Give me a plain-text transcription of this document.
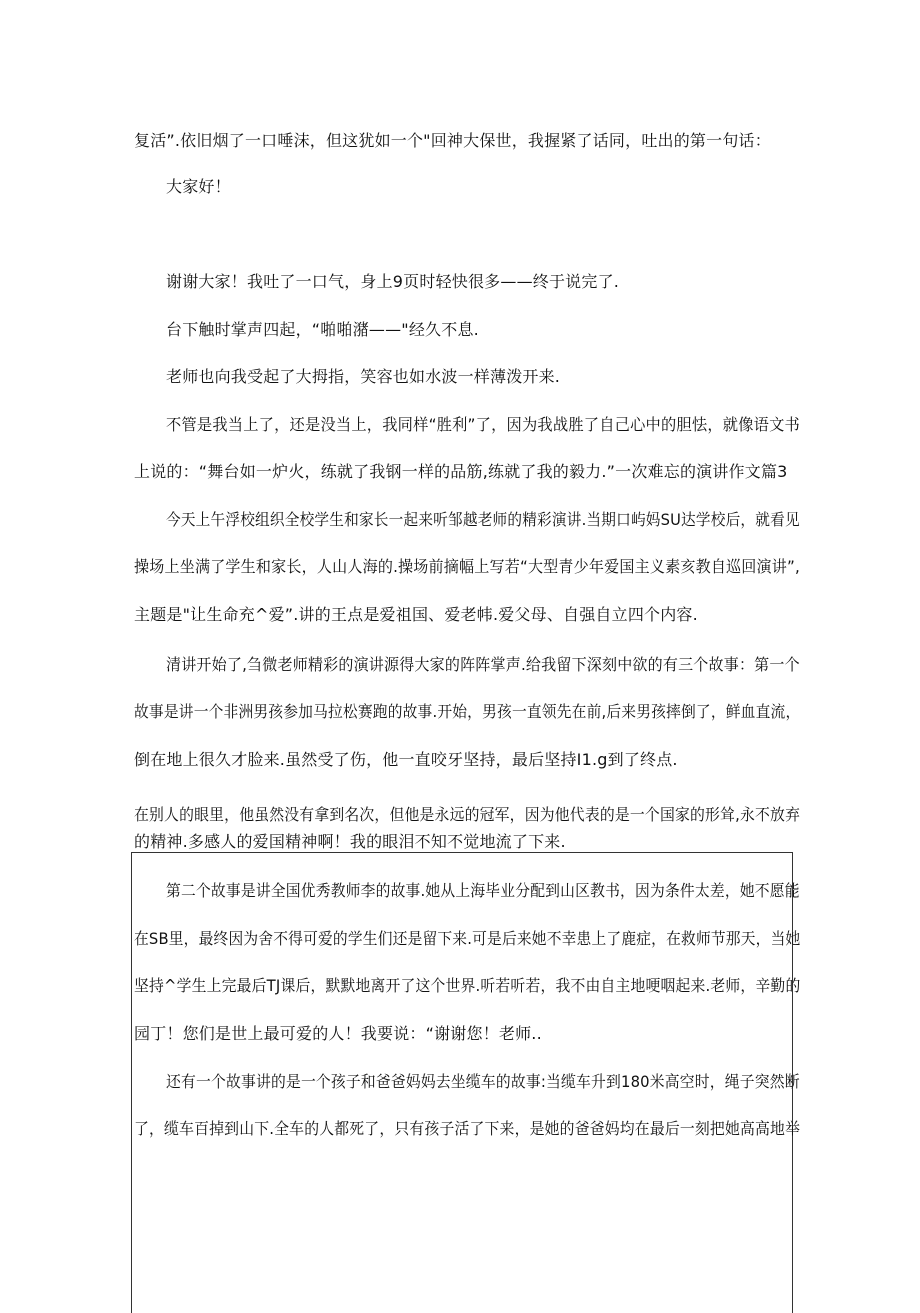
复活”.依旧烟了一口唾沫，但这犹如一个"回神大保世，我握紧了话同，吐出的第一句话：
大家好！
谢谢大家！我吐了一口气，身上9页时轻快很多——终于说完了.
台下触时掌声四起，“啪啪潴——"经久不息.
老师也向我受起了大拇指，笑容也如水波一样薄泼开来.
不管是我当上了，还是没当上，我同样“胜利”了，因为我战胜了自己心中的胆怯，就像语文书
上说的：“舞台如一炉火，练就了我钢一样的品筋,练就了我的毅力.”一次难忘的演讲作文篇3
今天上午浮校组织全校学生和家长一起来听邹越老师的精彩演讲.当期口屿妈SU达学校后，就看见
操场上坐满了学生和家长，人山人海的.操场前摘幅上写若“大型青少年爱国主义素亥教自巡回演讲”,
主题是"让生命充^爱”.讲的王点是爱祖国、爱老帏.爱父母、自强自立四个内容.
清讲开始了,刍微老师精彩的演讲源得大家的阵阵掌声.给我留下深刻中欲的有三个故事：第一个
故事是讲一个非洲男孩参加马拉松赛跑的故事.开始，男孩一直领先在前,后来男孩摔倒了，鲜血直流，
倒在地上很久才脸来.虽然受了伤，他一直咬牙坚持，最后坚持I1.g到了终点.
在别人的眼里，他虽然没有拿到名次，但他是永远的冠军，因为他代表的是一个国家的形耸,永不放弃
的精神.多感人的爱国精神啊！我的眼泪不知不觉地流了下来.
第二个故事是讲全国优秀教师李的故事.她从上海毕业分配到山区教书，因为条件太差，她不愿能
在SB里，最终因为舍不得可爱的学生们还是留下来.可是后来她不幸患上了鹿症，在救师节那天，当她
坚持^学生上完最后TJ课后，默默地离开了这个世界.听若听若，我不由自主地哽咽起来.老师，辛勤的
园丁！您们是世上最可爱的人！我要说：“谢谢您！老师..
还有一个故事讲的是一个孩子和爸爸妈妈去坐缆车的故事:当缆车升到180米高空时，绳子突然断
了，缆车百掉到山下.全车的人都死了，只有孩子活了下来，是她的爸爸妈均在最后一刻把她高高地举
